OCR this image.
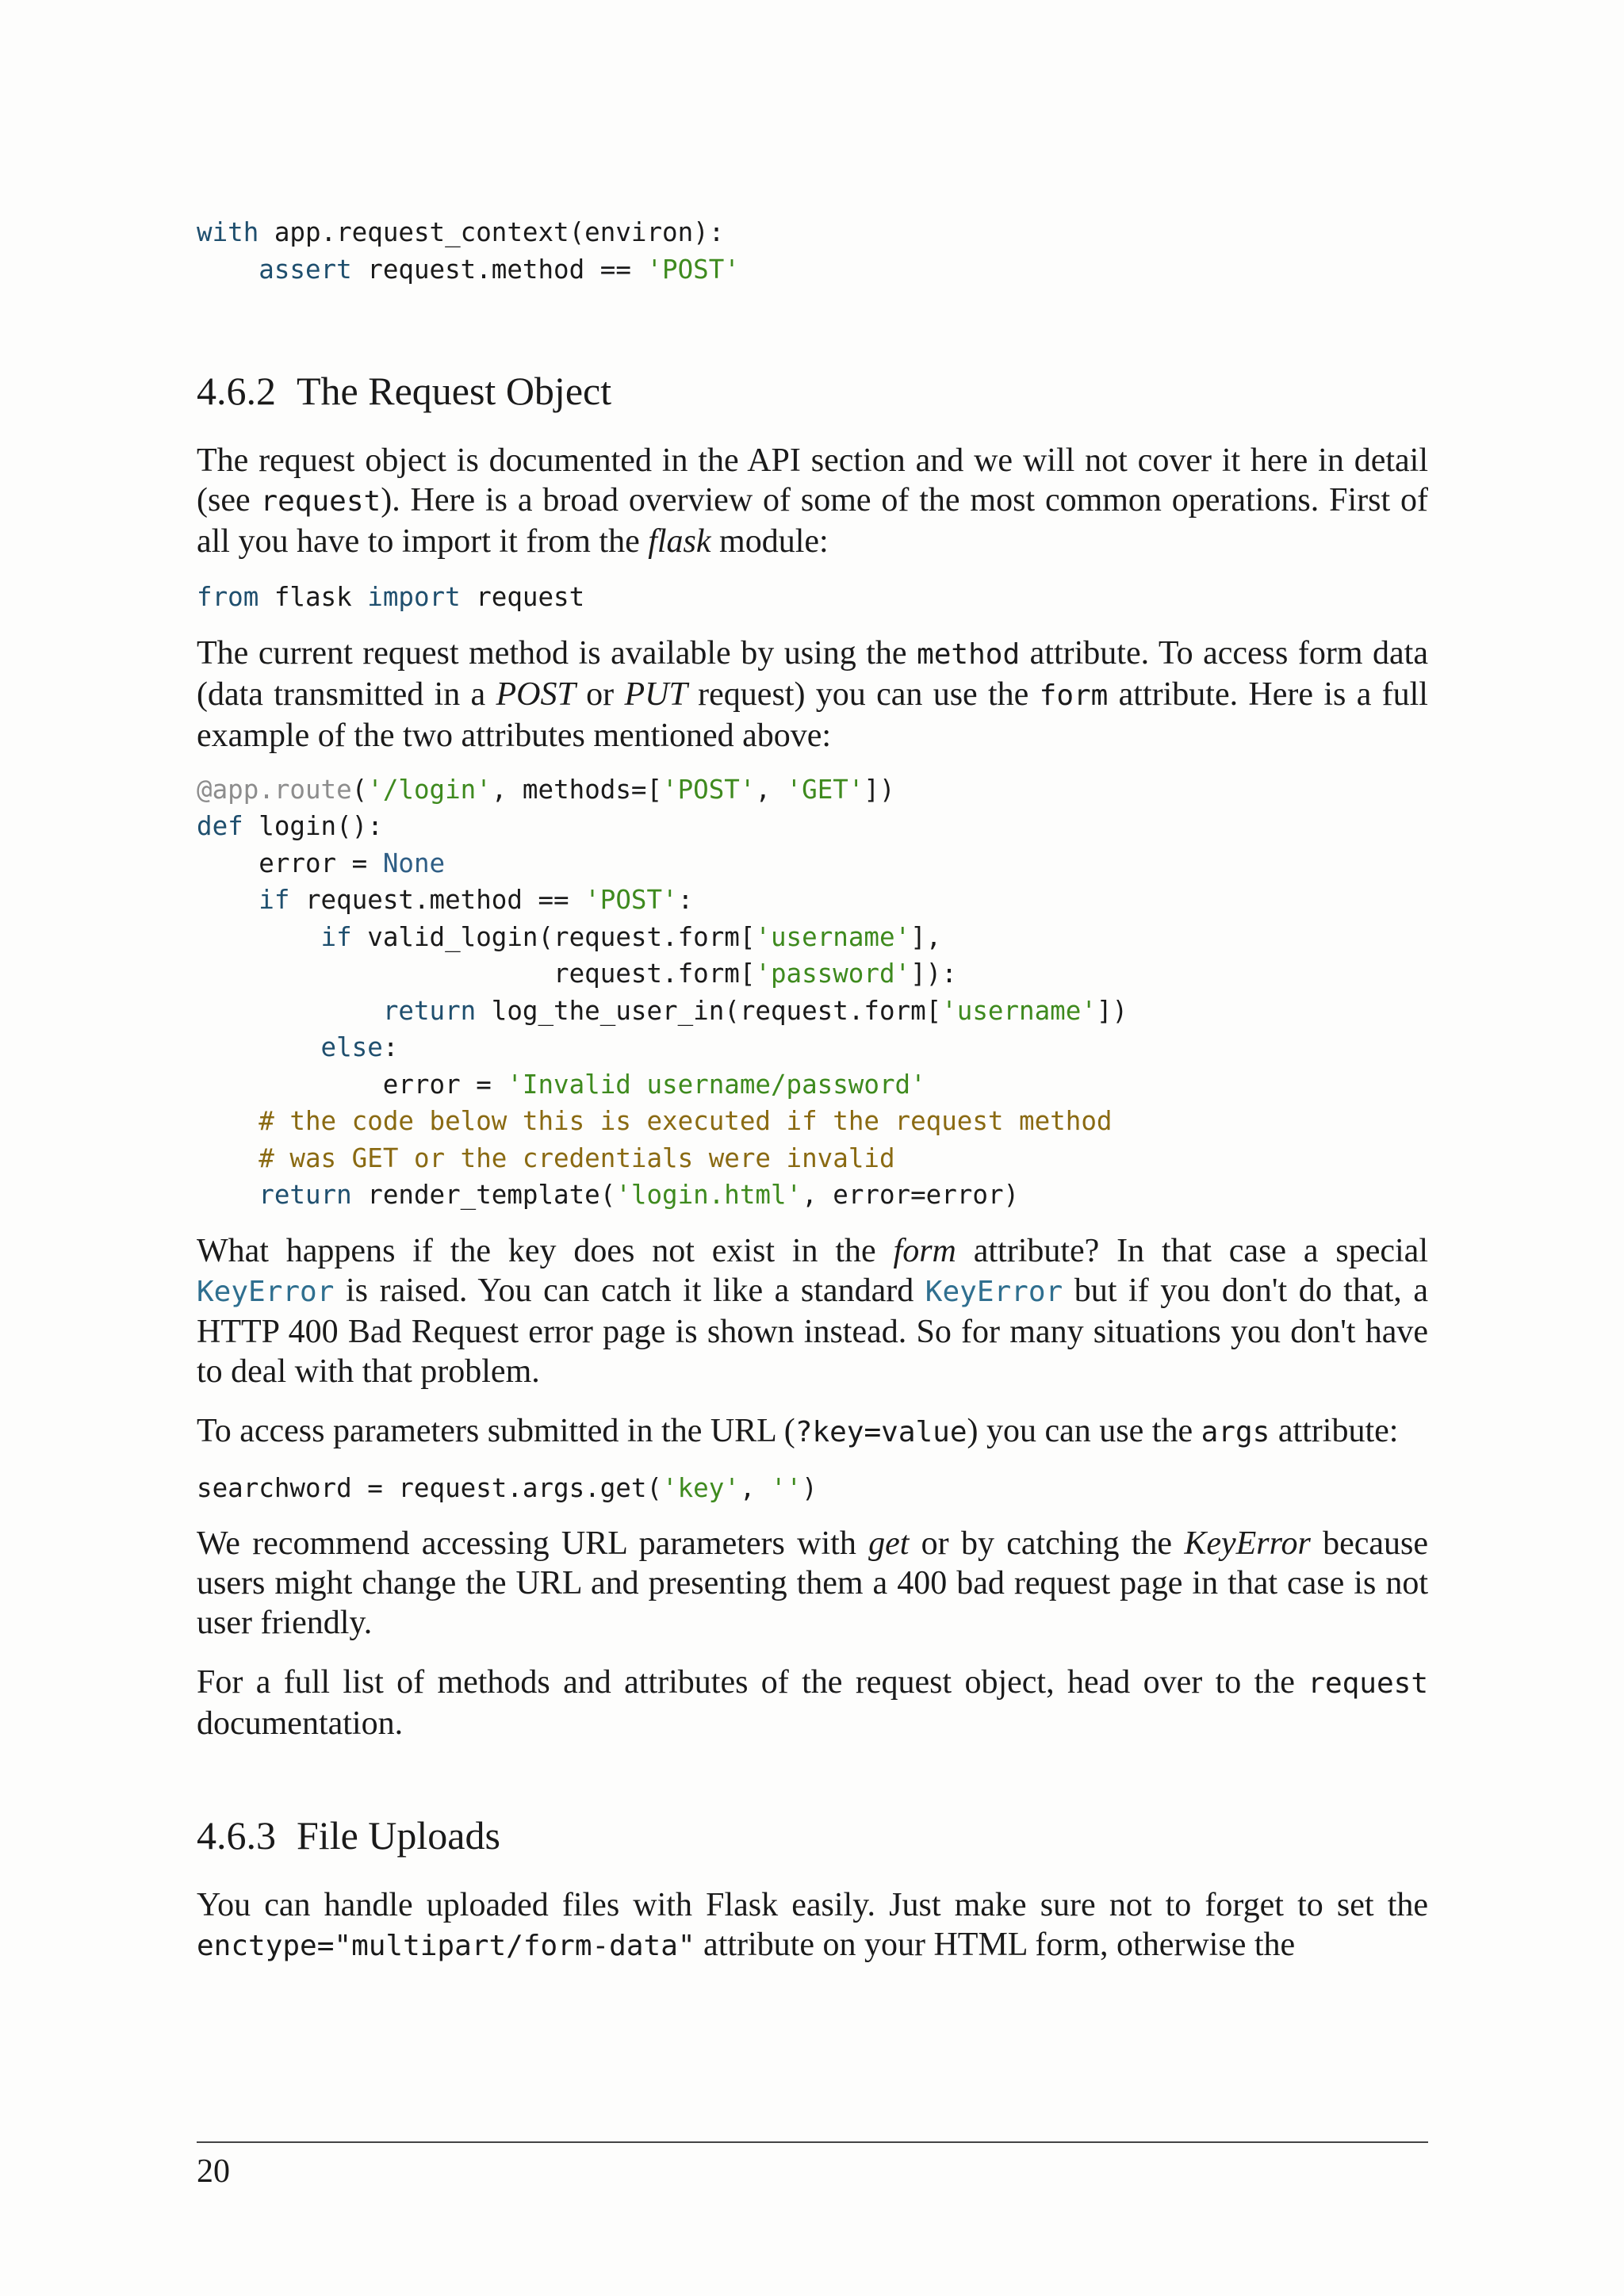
with app.request_context(environ):
assert request.method == 'POST'
4.6.2 The Request Object

The request object is documented in the API section and we will not cover it here in detail (see request). Here is a broad overview of some of the most common operations. First of all you have to import it from the flask module:

from flask import request

The current request method is available by using the method attribute. To access form data (data transmitted in a POST or PUT request) you can use the form attribute. Here is a full example of the two attributes mentioned above:

@app.route('/login', methods=['POST', 'GET'])
def login():
error = None
if request.method == 'POST':
if valid_login(request.form['username'],
request.form['password']):
return log_the_user_in(request.form['username'])
else:
error = 'Invalid username/password'
# the code below this is executed if the request method
# was GET or the credentials were invalid
return render_template('login.html', error=error)

What happens if the key does not exist in the form attribute? In that case a special KeyError is raised. You can catch it like a standard KeyError but if you don't do that, a HTTP 400 Bad Request error page is shown instead. So for many situations you don't have to deal with that problem.

To access parameters submitted in the URL (?key=value) you can use the args attribute:

searchword = request.args.get('key', '')

We recommend accessing URL parameters with get or by catching the KeyError because users might change the URL and presenting them a 400 bad request page in that case is not user friendly.

For a full list of methods and attributes of the request object, head over to the request documentation.

4.6.3 File Uploads

You can handle uploaded files with Flask easily. Just make sure not to forget to set the enctype="multipart/form-data" attribute on your HTML form, otherwise the

20
